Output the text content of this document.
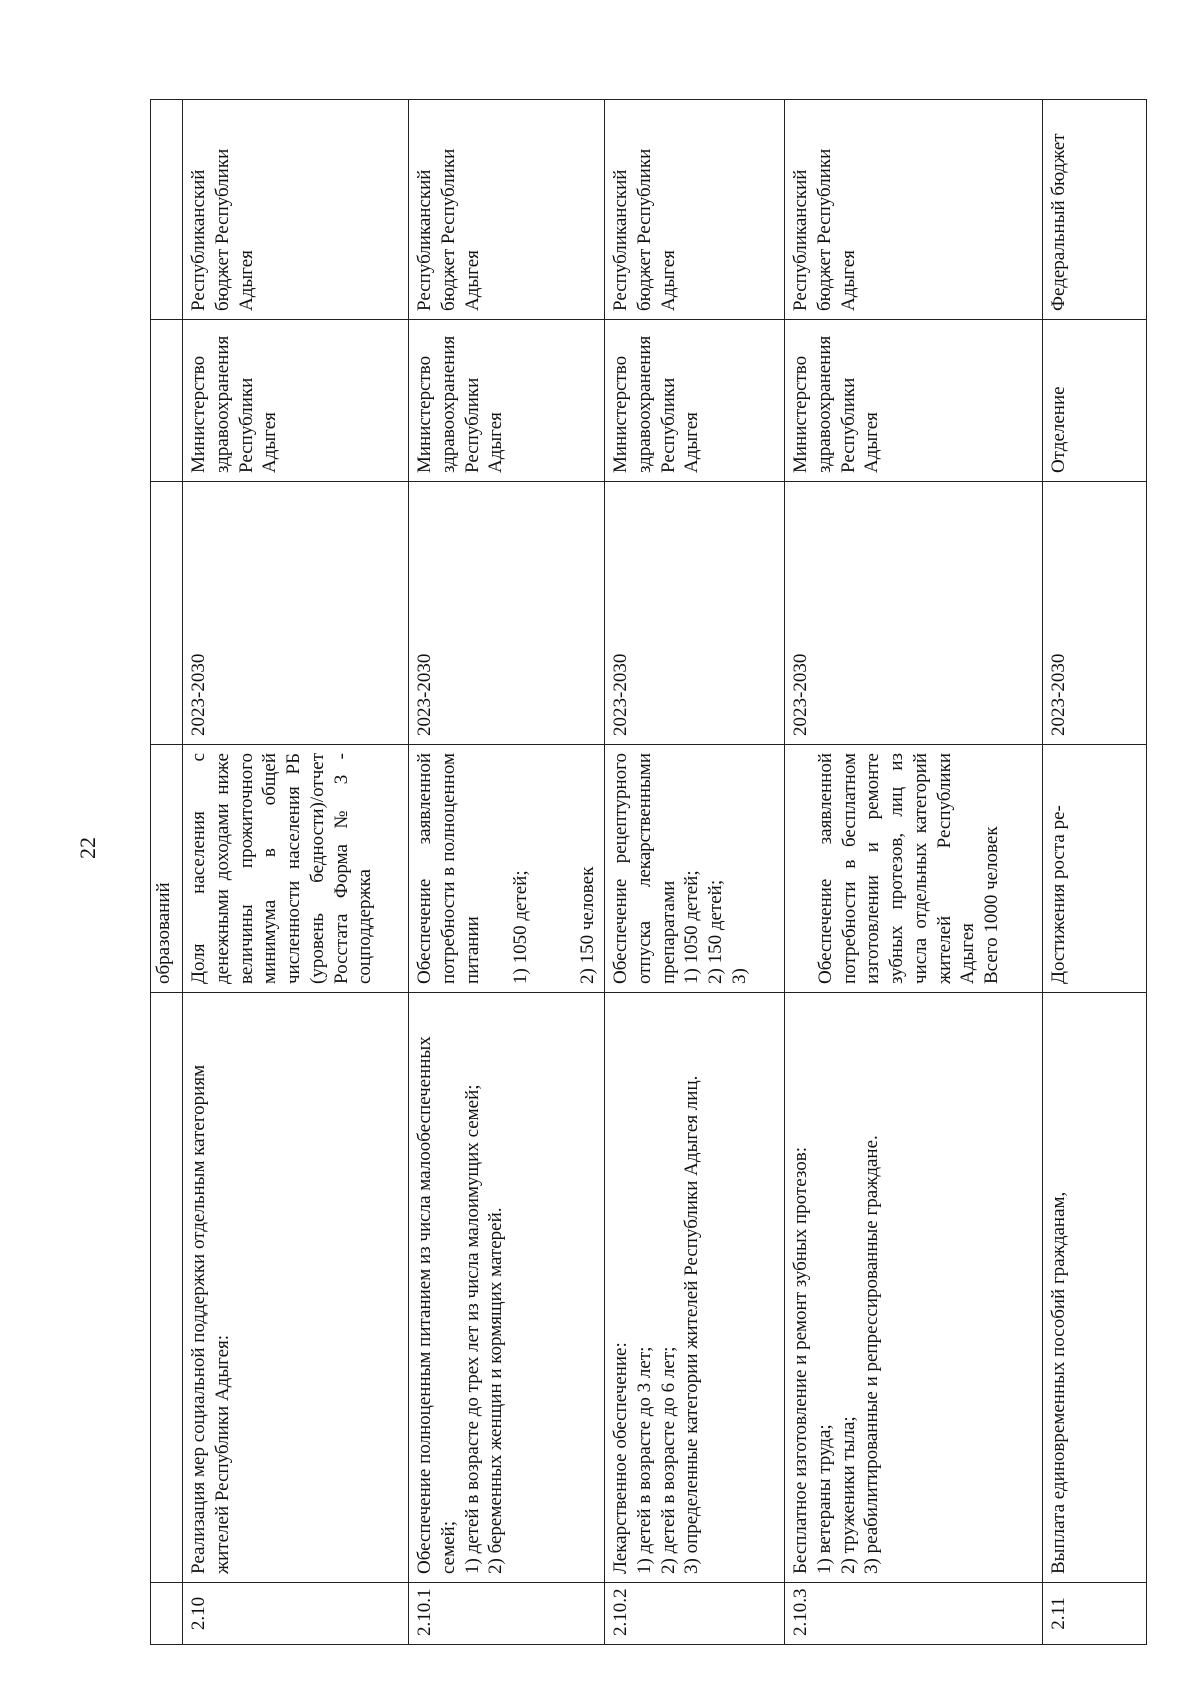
22
		образований			
2.10	Реализация мер социальной поддержки отдельным категориям жителей Республики Адыгея:	Доля населения с денежными доходами ниже величины прожиточного минимума в общей численности населения РБ (уровень бедности)/отчет Росстата Форма № 3 - соцподдержка	2023-2030	Министерство здравоохранения Республики Адыгея	Республиканский бюджет Республики Адыгея
2.10.1	Обеспечение полноценным питанием из числа малообеспеченных семей; 1) детей в возрасте до трех лет из числа малоимущих семей; 2) беременных женщин и кормящих матерей.	Обеспечение заявленной потребности в полноценном питании 1) 1050 детей; 2) 150 человек	2023-2030	Министерство здравоохранения Республики Адыгея	Республиканский бюджет Республики Адыгея
2.10.2	Лекарственное обеспечение: 1) детей в возрасте до 3 лет; 2) детей в возрасте до 6 лет; 3) определенные категории жителей Республики Адыгея лиц.	Обеспечение рецептурного отпуска лекарственными препаратами 1) 1050 детей; 2) 150 детей; 3)	2023-2030	Министерство здравоохранения Республики Адыгея	Республиканский бюджет Республики Адыгея
2.10.3	Бесплатное изготовление и ремонт зубных протезов: 1) ветераны труда; 2) труженики тыла; 3) реабилитированные и репрессированные граждане.	Обеспечение заявленной потребности в бесплатном изготовлении и ремонте зубных протезов, лиц из числа отдельных категорий жителей Республики Адыгея Всего 1000 человек	2023-2030	Министерство здравоохранения Республики Адыгея	Республиканский бюджет Республики Адыгея
2.11	Выплата единовременных пособий гражданам,	Достижения роста ре-	2023-2030	Отделение	Федеральный бюджет
